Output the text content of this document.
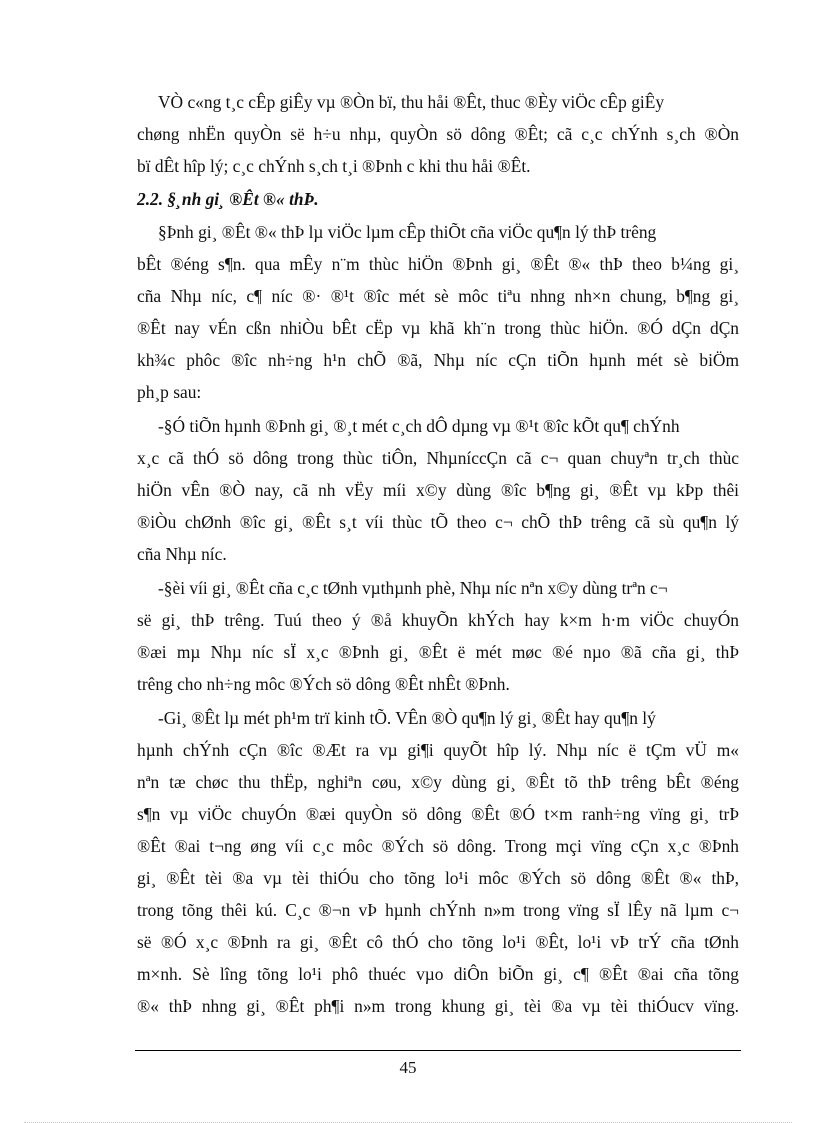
VÒ c«ng t¸c cÊp giÊy vµ ®Òn bï, thu håi ®Êt, thuc ®Èy viÖc cÊp giÊy
chøng nhËn quyÒn së h÷u nhµ, quyÒn sö dông ®Êt; cã c¸c chÝnh s¸ch ®Òn
bï dÊt hîp lý; c¸c chÝnh s¸ch t¸i ®Þnh c khi thu håi ®Êt.
2.2. §¸nh gi¸ ®Êt ®« thÞ.
§Þnh gi¸ ®Êt ®« thÞ lµ viÖc lµm cÊp thiÕt cña viÖc qu¶n lý thÞ trêng
bÊt ®éng s¶n. qua mÊy n¨m thùc hiÖn ®Þnh gi¸ ®Êt ®« thÞ theo b¼ng gi¸
cña Nhµ níc, c¶ níc ®· ®¹t ®îc mét sè môc tiªu nhng nh×n chung, b¶ng gi¸
®Êt nay vÉn cßn nhiÒu bÊt cËp vµ khã kh¨n trong thùc hiÖn. ®Ó dÇn dÇn
kh¾c phôc ®îc nh÷ng h¹n chÕ ®ã, Nhµ níc cÇn tiÕn hµnh mét sè biÖm
ph¸p sau:
-§Ó tiÕn hµnh ®Þnh gi¸ ®¸t mét c¸ch dÔ dµng vµ ®¹t ®îc kÕt qu¶ chÝnh
x¸c cã thÓ sö dông trong thùc tiÔn, NhµníccÇn cã c¬ quan chuyªn tr¸ch thùc
hiÖn vÊn ®Ò nay, cã nh vËy míi x©y dùng ®îc b¶ng gi¸ ®Êt vµ kÞp thêi
®iÒu chØnh ®îc gi¸ ®Êt s¸t víi thùc tÕ theo c¬ chÕ thÞ trêng cã sù qu¶n lý
cña Nhµ níc.
-§èi víi gi¸ ®Êt cña c¸c tØnh vµthµnh phè, Nhµ níc nªn x©y dùng trªn c¬
së gi¸ thÞ trêng. Tuú theo ý ®å khuyÕn khÝch hay k×m h·m viÖc chuyÓn
®æi mµ Nhµ níc sÏ x¸c ®Þnh gi¸ ®Êt ë mét møc ®é nµo ®ã cña gi¸ thÞ
trêng cho nh÷ng môc ®Ých sö dông ®Êt nhÊt ®Þnh.
-Gi¸ ®Êt lµ mét ph¹m trï kinh tÕ. VÊn ®Ò qu¶n lý gi¸ ®Êt hay qu¶n lý
hµnh chÝnh cÇn ®îc ®Æt ra vµ gi¶i quyÕt hîp lý. Nhµ níc ë tÇm vÜ m«
nªn tæ chøc thu thËp, nghiªn cøu, x©y dùng gi¸ ®Êt tõ thÞ trêng bÊt ®éng
s¶n vµ viÖc chuyÓn ®æi quyÒn sö dông ®Êt ®Ó t×m ranh÷ng vïng gi¸ trÞ
®Êt ®ai t¬ng øng víi c¸c môc ®Ých sö dông. Trong mçi vïng cÇn x¸c ®Þnh
gi¸ ®Êt tèi ®a vµ tèi thiÓu cho tõng lo¹i môc ®Ých sö dông ®Êt ®« thÞ,
trong tõng thêi kú. C¸c ®¬n vÞ hµnh chÝnh n»m trong vïng sÏ lÊy nã lµm c¬
së ®Ó x¸c ®Þnh ra gi¸ ®Êt cô thÓ cho tõng lo¹i ®Êt, lo¹i vÞ trÝ cña tØnh
m×nh. Sè lîng tõng lo¹i phô thuéc vµo diÔn biÕn gi¸ c¶ ®Êt ®ai cña tõng
®« thÞ nhng gi¸ ®Êt ph¶i n»m trong khung gi¸ tèi ®a vµ tèi thiÓucv vïng.
45
